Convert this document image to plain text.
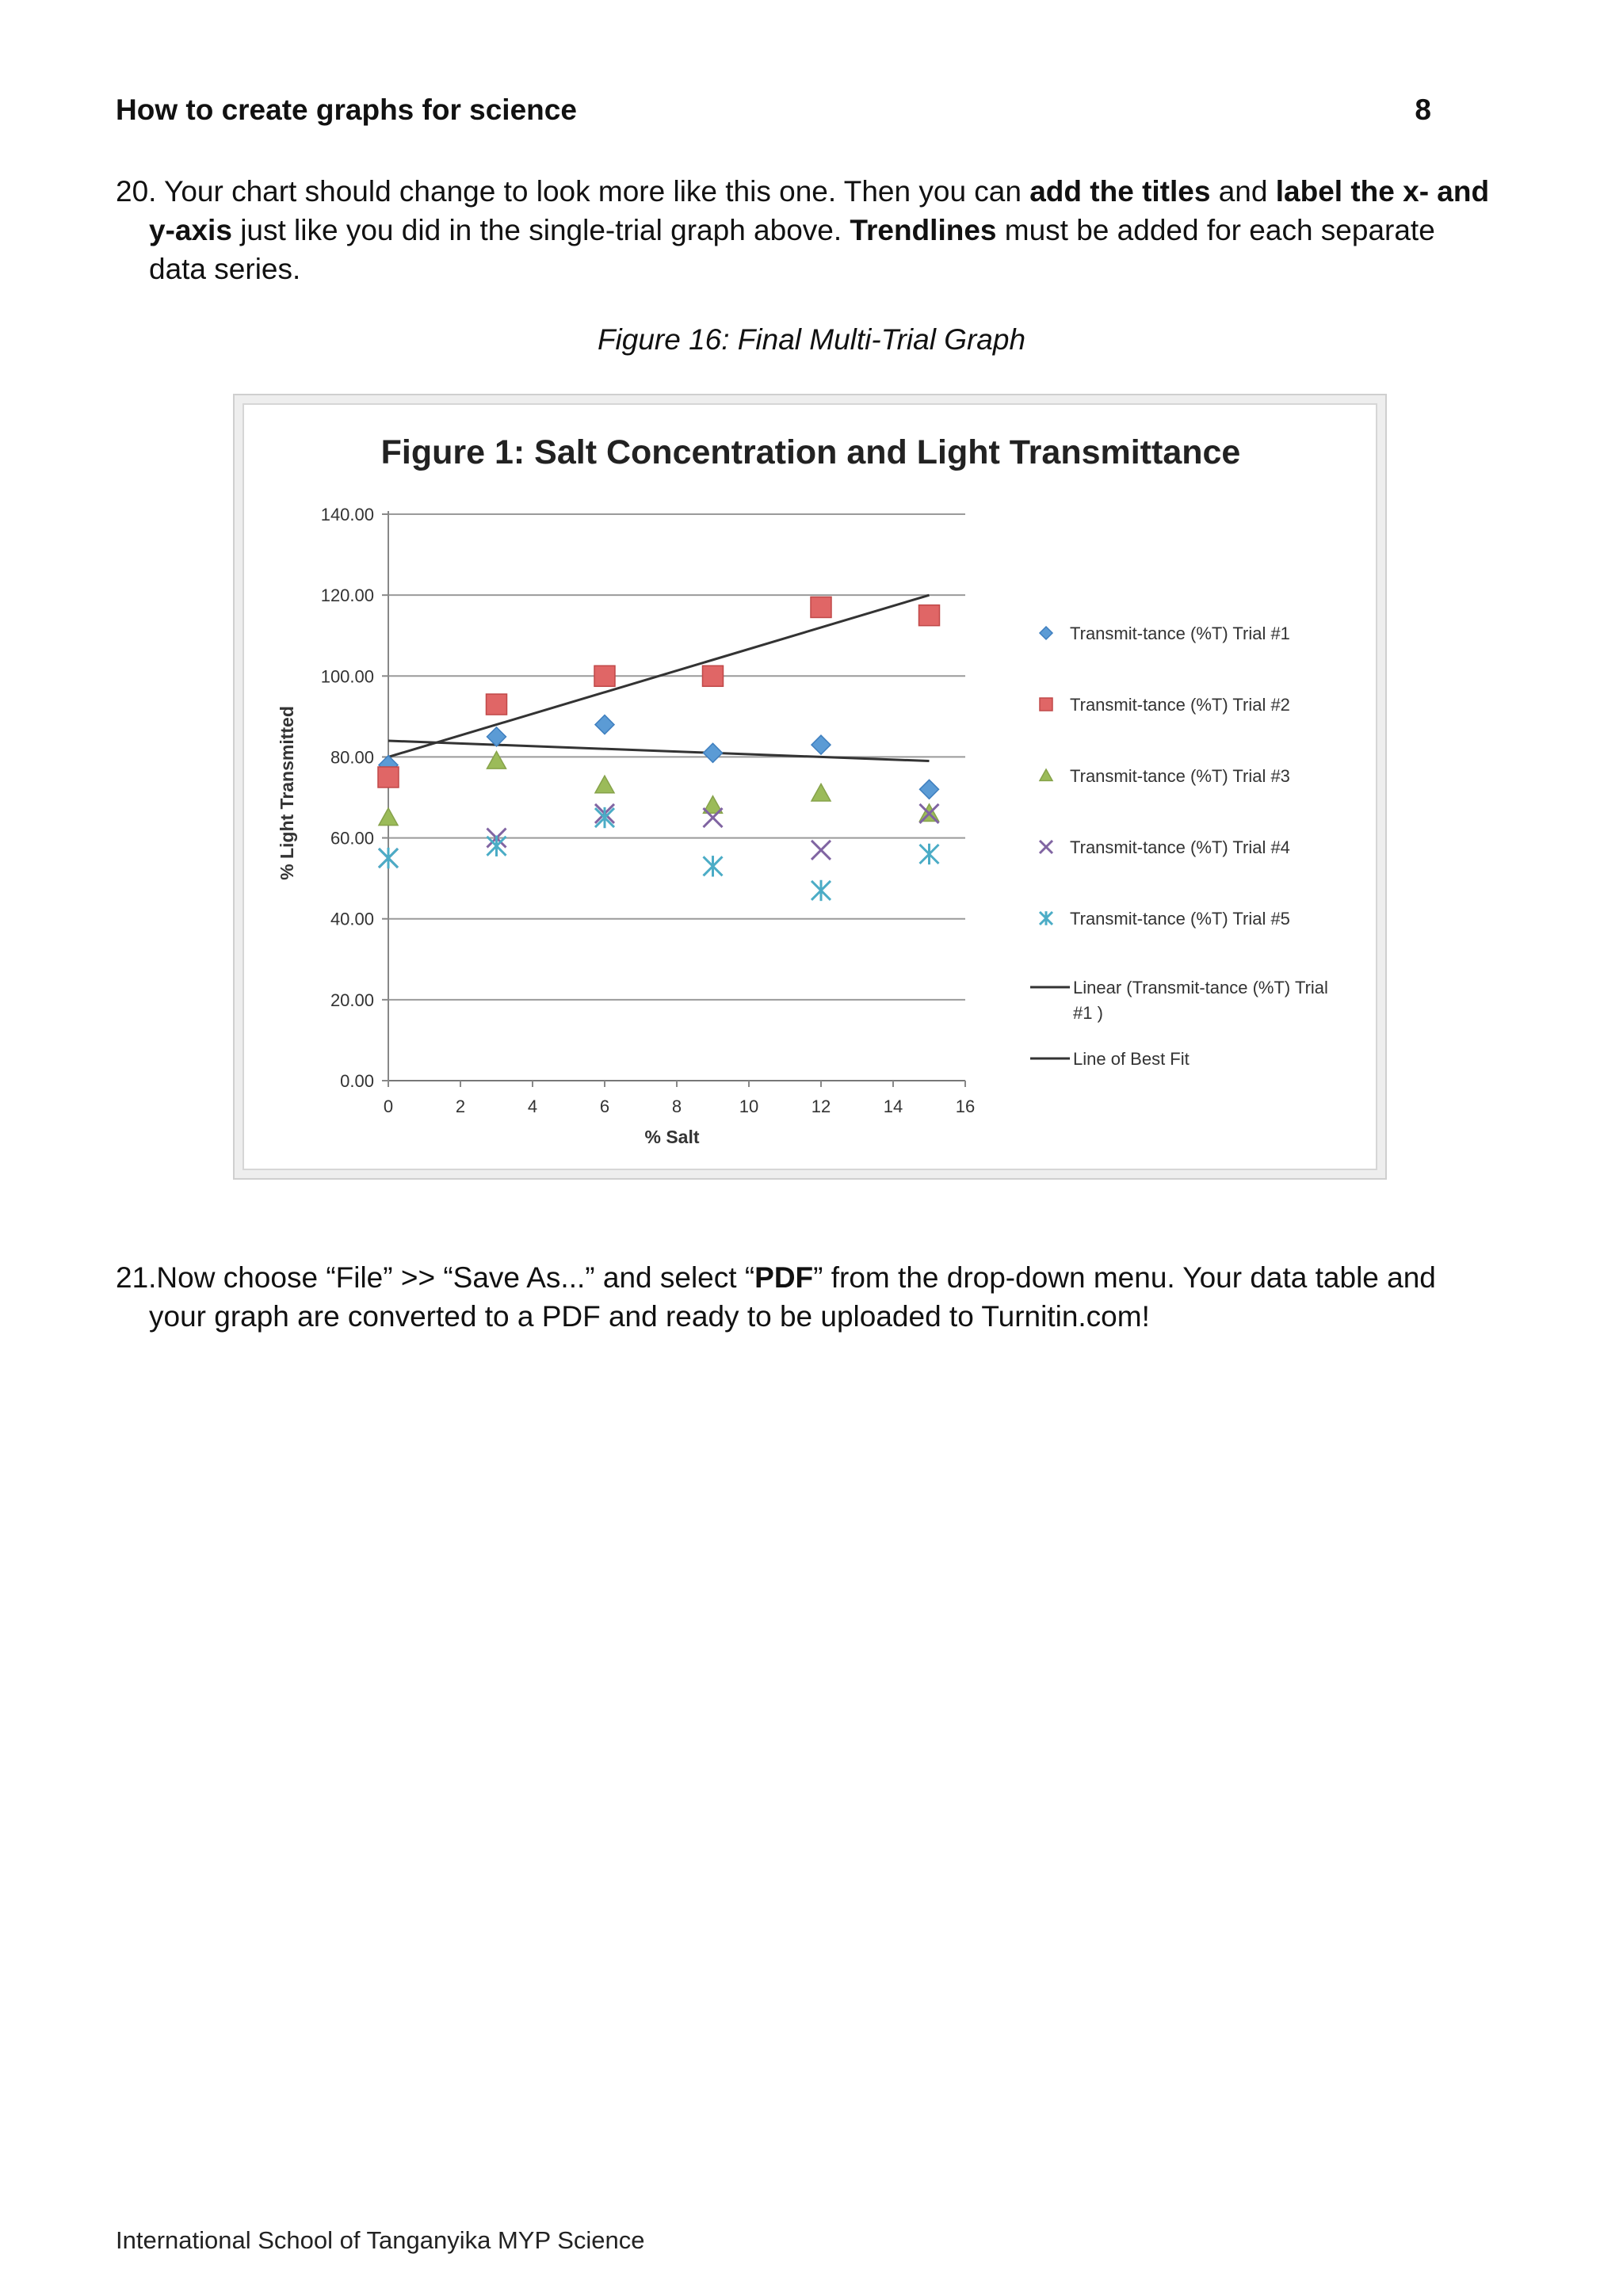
How to create graphs for science	8
20. Your chart should change to look more like this one. Then you can add the titles and label the x- and
y-axis just like you did in the single-trial graph above. Trendlines must be added for each separate
data series.
Figure 16: Final Multi-Trial Graph
Figure 1: Salt Concentration and Light Transmittance
0.00
20.00
40.00
60.00
80.00
100.00
120.00
140.00
0	2	4	6	8	10	12	14	16
% Salt
% Light Transmitted
Transmit-tance (%T) Trial #1
Transmit-tance (%T) Trial #2
Transmit-tance (%T) Trial #3
Transmit-tance (%T) Trial #4
Transmit-tance (%T) Trial #5
Linear (Transmit-tance (%T) Trial #1 )
Line of Best Fit
21.Now choose “File” >> “Save As...” and select “PDF” from the drop-down menu. Your data table and
your graph are converted to a PDF and ready to be uploaded to Turnitin.com!
International School of Tanganyika MYP Science
